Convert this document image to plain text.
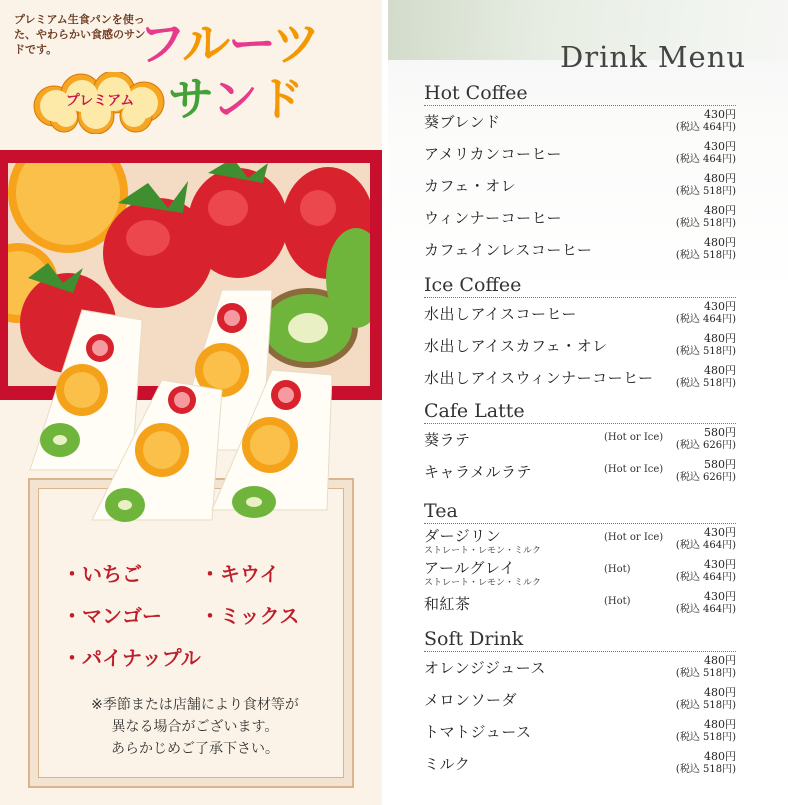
プレミアム生食パンを使った、やわらかい食感のサンドです。
プレミアム
フルーツ
サンド
・いちご	・キウイ
・マンゴー ・ミックス
・パイナップル
※季節または店舗により食材等が
異なる場合がございます。
あらかじめご了承下さい。
Drink Menu
Hot Coffee
葵ブレンド	430円
(税込 464円)
アメリカンコーヒー	430円
(税込 464円)
カフェ・オレ	480円
(税込 518円)
ウィンナーコーヒー	480円
(税込 518円)
カフェインレスコーヒー	480円
(税込 518円)
Ice Coffee
水出しアイスコーヒー	430円
(税込 464円)
水出しアイスカフェ・オレ	480円
(税込 518円)
水出しアイスウィンナーコーヒー	480円
(税込 518円)
Cafe Latte
葵ラテ	(Hot or Ice)	580円
(税込 626円)
キャラメルラテ	(Hot or Ice)	580円
(税込 626円)
Tea
ダージリン
ストレート・レモン・ミルク
(Hot or Ice)	430円
(税込 464円)
アールグレイ
ストレート・レモン・ミルク
(Hot)	430円
(税込 464円)
和紅茶	(Hot)	430円
(税込 464円)
Soft Drink
オレンジジュース	480円
(税込 518円)
メロンソーダ	480円
(税込 518円)
トマトジュース	480円
(税込 518円)
ミルク	480円
(税込 518円)
